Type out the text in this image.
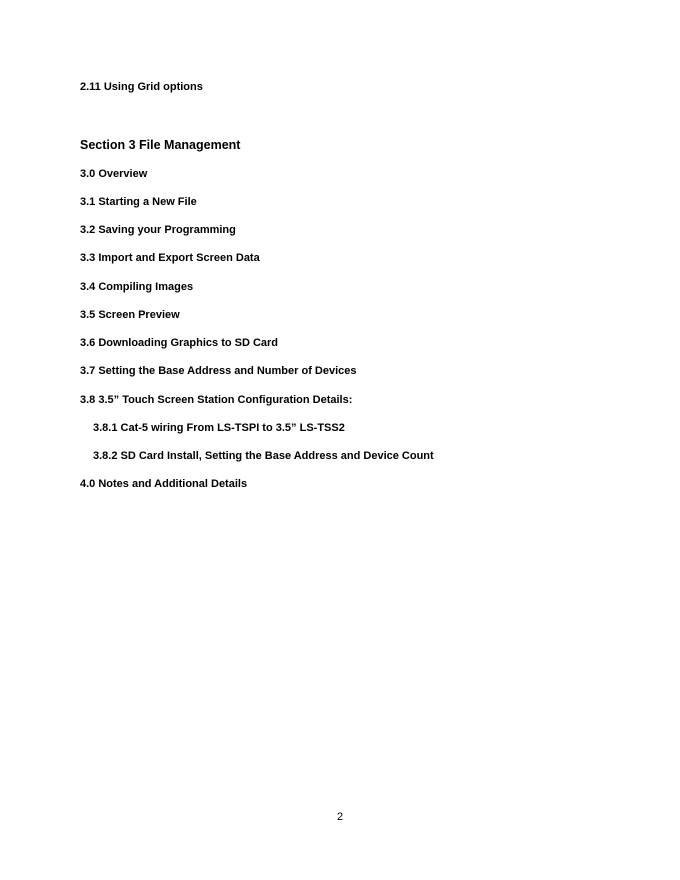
2.11 Using Grid options
Section 3 File Management
3.0 Overview
3.1 Starting a New File
3.2 Saving your Programming
3.3 Import and Export Screen Data
3.4 Compiling Images
3.5 Screen Preview
3.6 Downloading Graphics to SD Card
3.7 Setting the Base Address and Number of Devices
3.8 3.5” Touch Screen Station Configuration Details:
3.8.1 Cat-5 wiring From LS-TSPI to 3.5” LS-TSS2
3.8.2 SD Card Install, Setting the Base Address and Device Count
4.0 Notes and Additional Details
2
